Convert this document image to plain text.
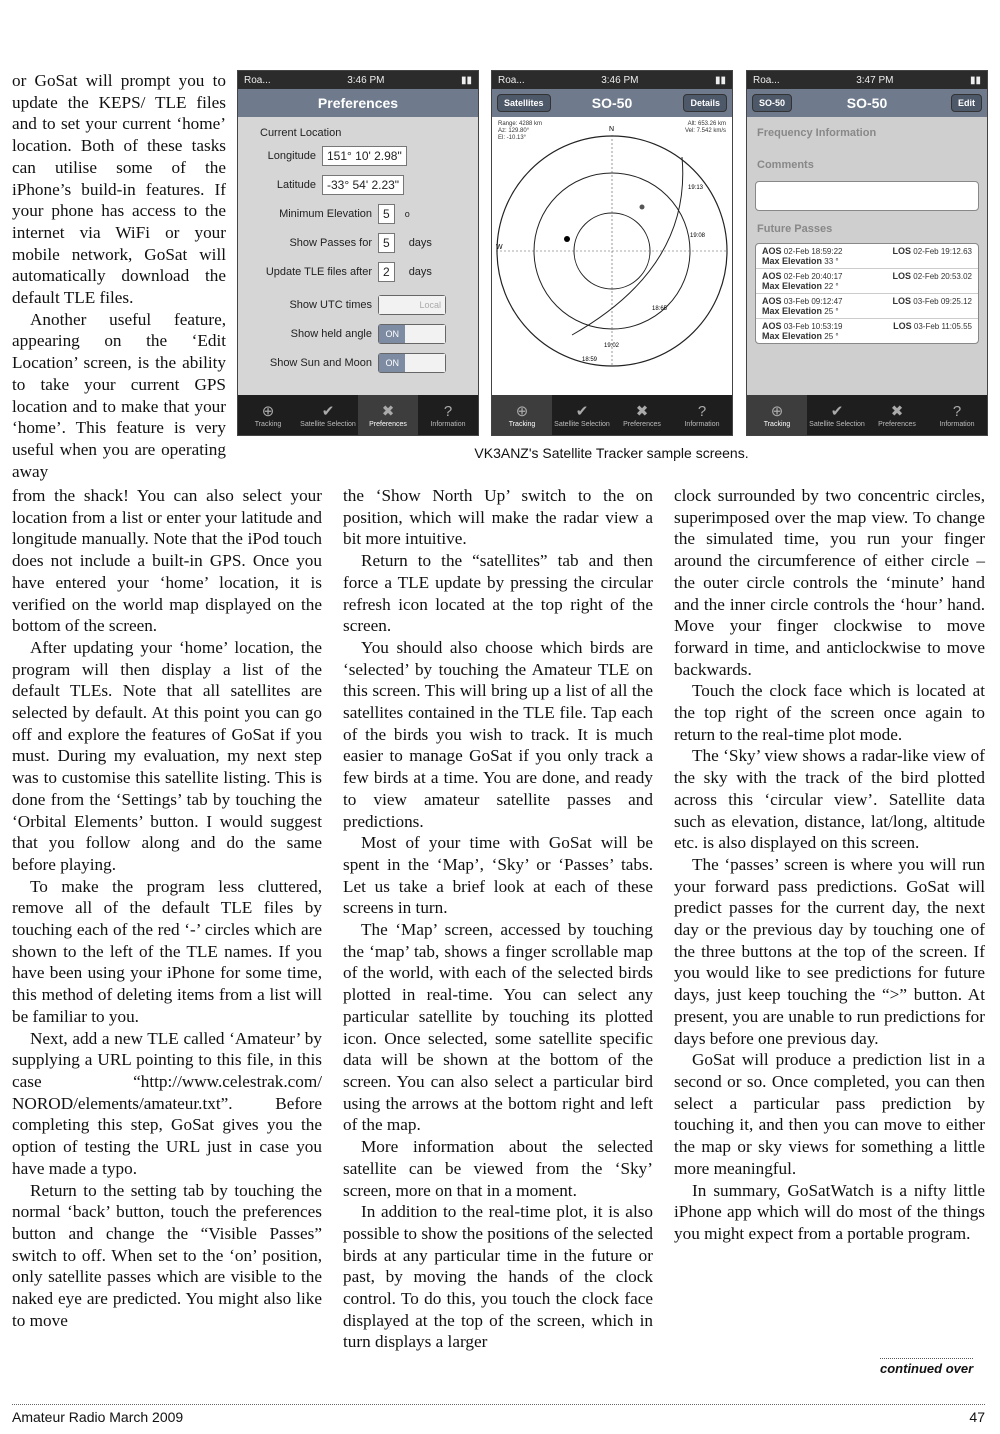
or GoSat will prompt you to update the KEPS/ TLE files and to set your current ‘home’ location. Both of these tasks can utilise some of the iPhone’s build-in features. If your phone has access to the internet via WiFi or your mobile network, GoSat will automatically download the default TLE files.

Another useful feature, appearing on the ‘Edit Location’ screen, is the ability to take your current GPS location and to make that your ‘home’. This feature is very useful when you are operating away

Roa...	3:46 PM	▮▮
Preferences
Current Location
Longitude 151° 10' 2.98"
Latitude -33° 54' 2.23"
Minimum Elevation 5	o
Show Passes for 5	days
Update TLE files after 2	days
Show UTC times	Local
Show held angle	ON
Show Sun and Moon	ON
⊕
Tracking
✔
Satellite Selection
✖
Preferences
?
Information
Roa...	3:46 PM	▮▮
Satellites	SO-50	Details
Range: 4288 km
Az: 129.80°
El: -10.13°
Alt: 653.26 km
Vel: 7.542 km/s
N
W
19:13
19:08
18:65
19:02
18:59
⊕
Tracking
✔
Satellite Selection
✖
Preferences
?
Information
Roa...	3:47 PM	▮▮
SO-50	SO-50	Edit
Frequency Information
Comments
Future Passes
AOS 02-Feb 18:59:22	LOS 02-Feb 19:12.63
Max Elevation 33 °
AOS 02-Feb 20:40:17	LOS 02-Feb 20:53.02
Max Elevation 22 °
AOS 03-Feb 09:12:47	LOS 03-Feb 09:25.12
Max Elevation 25 °
AOS 03-Feb 10:53:19	LOS 03-Feb 11:05.55
Max Elevation 25 °
⊕
Tracking
✔
Satellite Selection
✖
Preferences
?
Information
VK3ANZ's Satellite Tracker sample screens.

from the shack! You can also select your location from a list or enter your latitude and longitude manually. Note that the iPod touch does not include a built-in GPS. Once you have entered your ‘home’ location, it is verified on the world map displayed on the bottom of the screen.

After updating your ‘home’ location, the program will then display a list of the default TLEs. Note that all satellites are selected by default. At this point you can go off and explore the features of GoSat if you must. During my evaluation, my next step was to customise this satellite listing. This is done from the ‘Settings’ tab by touching the ‘Orbital Elements’ button. I would suggest that you follow along and do the same before playing.

To make the program less cluttered, remove all of the default TLE files by touching each of the red ‘-’ circles which are shown to the left of the TLE names. If you have been using your iPhone for some time, this method of deleting items from a list will be familiar to you.

Next, add a new TLE called ‘Amateur’ by supplying a URL pointing to this file, in this case “http://www.celestrak.com/ NOROD/elements/amateur.txt”. Before completing this step, GoSat gives you the option of testing the URL just in case you have made a typo.

Return to the setting tab by touching the normal ‘back’ button, touch the preferences button and change the “Visible Passes” switch to off. When set to the ‘on’ position, only satellite passes which are visible to the naked eye are predicted. You might also like to move

the ‘Show North Up’ switch to the on position, which will make the radar view a bit more intuitive.

Return to the “satellites” tab and then force a TLE update by pressing the circular refresh icon located at the top right of the screen.

You should also choose which birds are ‘selected’ by touching the Amateur TLE on this screen. This will bring up a list of all the satellites contained in the TLE file. Tap each of the birds you wish to track. It is much easier to manage GoSat if you only track a few birds at a time. You are done, and ready to view amateur satellite passes and predictions.

Most of your time with GoSat will be spent in the ‘Map’, ‘Sky’ or ‘Passes’ tabs. Let us take a brief look at each of these screens in turn.

The ‘Map’ screen, accessed by touching the ‘map’ tab, shows a finger scrollable map of the world, with each of the selected birds plotted in real-time. You can select any particular satellite by touching its plotted icon. Once selected, some satellite specific data will be shown at the bottom of the screen. You can also select a particular bird using the arrows at the bottom right and left of the map.

More information about the selected satellite can be viewed from the ‘Sky’ screen, more on that in a moment.

In addition to the real-time plot, it is also possible to show the positions of the selected birds at any particular time in the future or past, by moving the hands of the clock control. To do this, you touch the clock face displayed at the top of the screen, which in turn displays a larger

clock surrounded by two concentric circles, superimposed over the map view. To change the simulated time, you run your finger around the circumference of either circle – the outer circle controls the ‘minute’ hand and the inner circle controls the ‘hour’ hand. Move your finger clockwise to move forward in time, and anticlockwise to move backwards.

Touch the clock face which is located at the top right of the screen once again to return to the real-time plot mode.

The ‘Sky’ view shows a radar-like view of the sky with the track of the bird plotted across this ‘circular view’. Satellite data such as elevation, distance, lat/long, altitude etc. is also displayed on this screen.

The ‘passes’ screen is where you will run your forward pass predictions. GoSat will predict passes for the current day, the next day or the previous day by touching one of the three buttons at the top of the screen. If you would like to see predictions for future days, just keep touching the “>” button. At present, you are unable to run predictions for days before one previous day.

GoSat will produce a prediction list in a second or so. Once completed, you can then select a particular pass prediction by touching it, and then you can move to either the map or sky views for something a little more meaningful.

In summary, GoSatWatch is a nifty little iPhone app which will do most of the things you might expect from a portable program.

continued over
Amateur Radio March 2009	47
